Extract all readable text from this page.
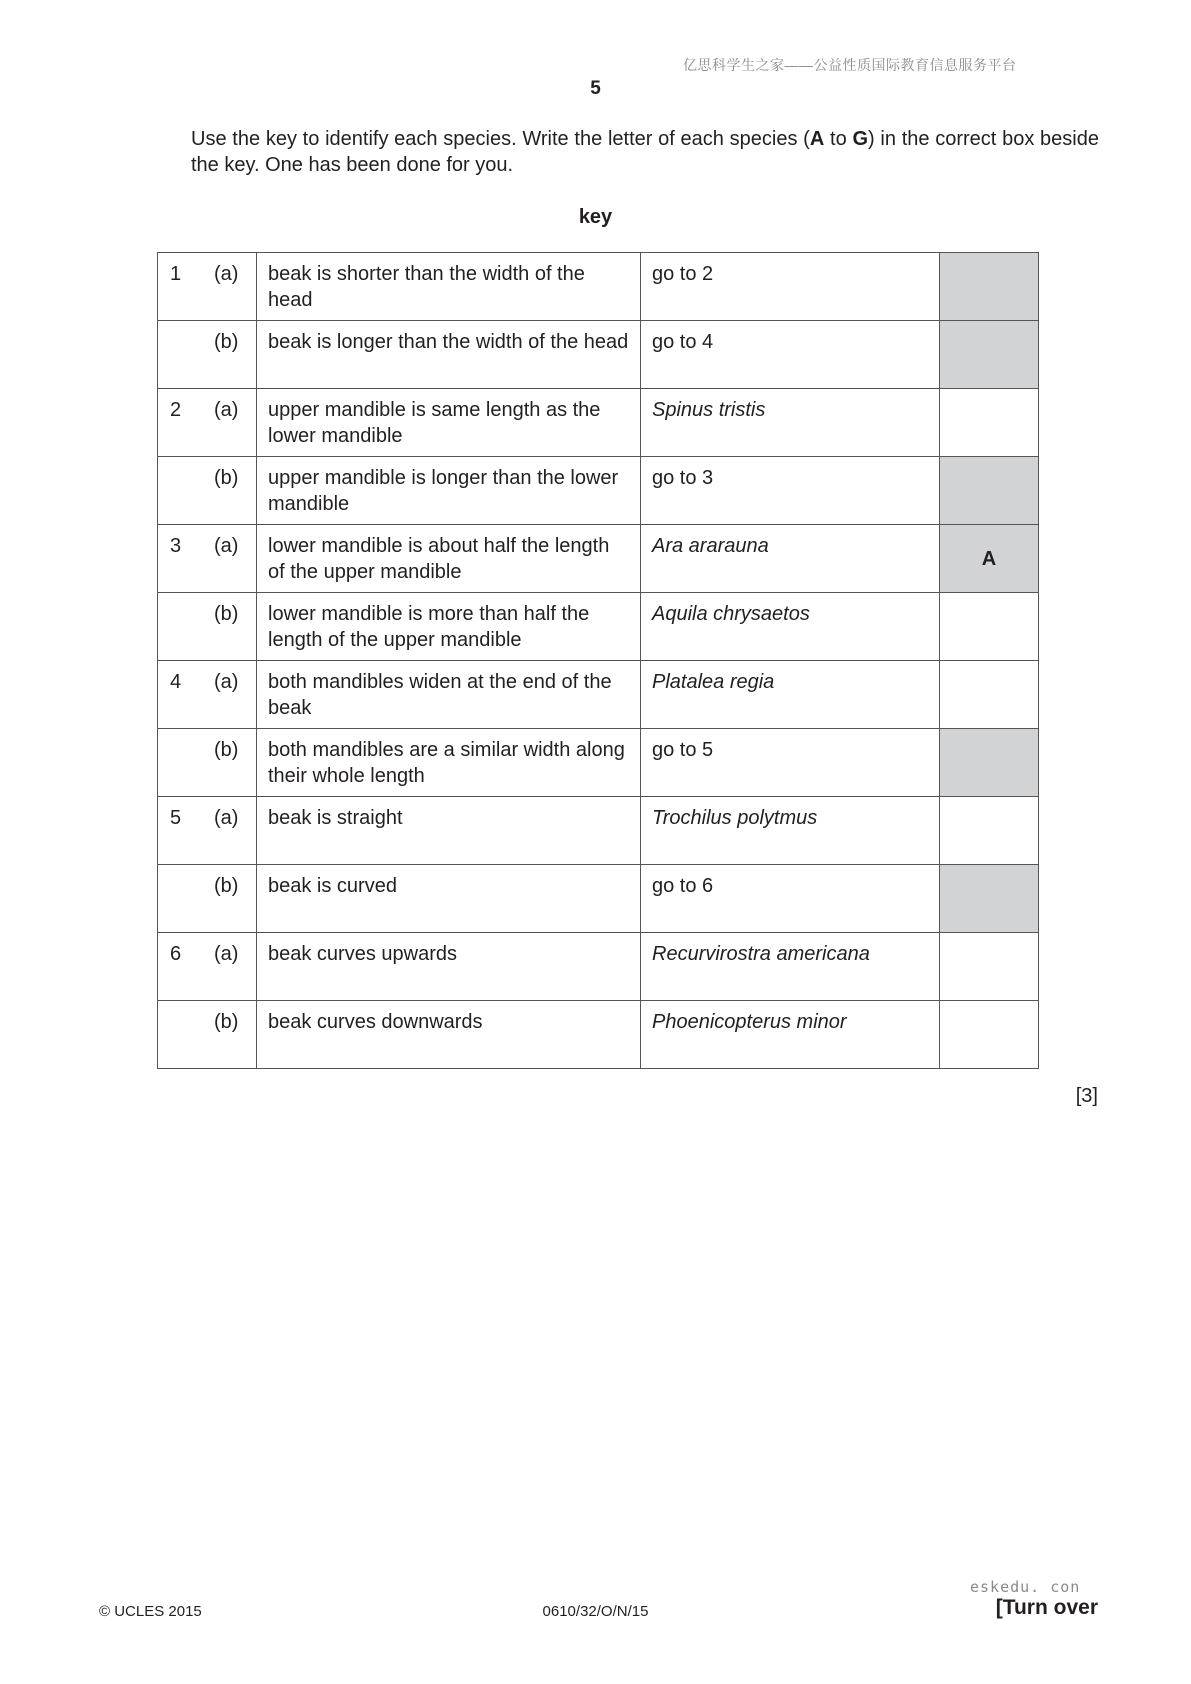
亿思科学生之家——公益性质国际教育信息服务平台
5
Use the key to identify each species. Write the letter of each species (A to G) in the correct box beside the key. One has been done for you.
key
1 (a)	beak is shorter than the width of the head	go to 2	

(b)	beak is longer than the width of the head	go to 4	

2 (a)	upper mandible is same length as the lower mandible	Spinus tristis	

(b)	upper mandible is longer than the lower mandible	go to 3	

3 (a)	lower mandible is about half the length of the upper mandible	Ara ararauna	A

(b)	lower mandible is more than half the length of the upper mandible	Aquila chrysaetos	

4 (a)	both mandibles widen at the end of the beak	Platalea regia	

(b)	both mandibles are a similar width along their whole length	go to 5	

5 (a)	beak is straight	Trochilus polytmus	

(b)	beak is curved	go to 6	

6 (a)	beak curves upwards	Recurvirostra americana	

(b)	beak curves downwards	Phoenicopterus minor	
[3]
eskedu. con
© UCLES 2015	0610/32/O/N/15	[Turn over
